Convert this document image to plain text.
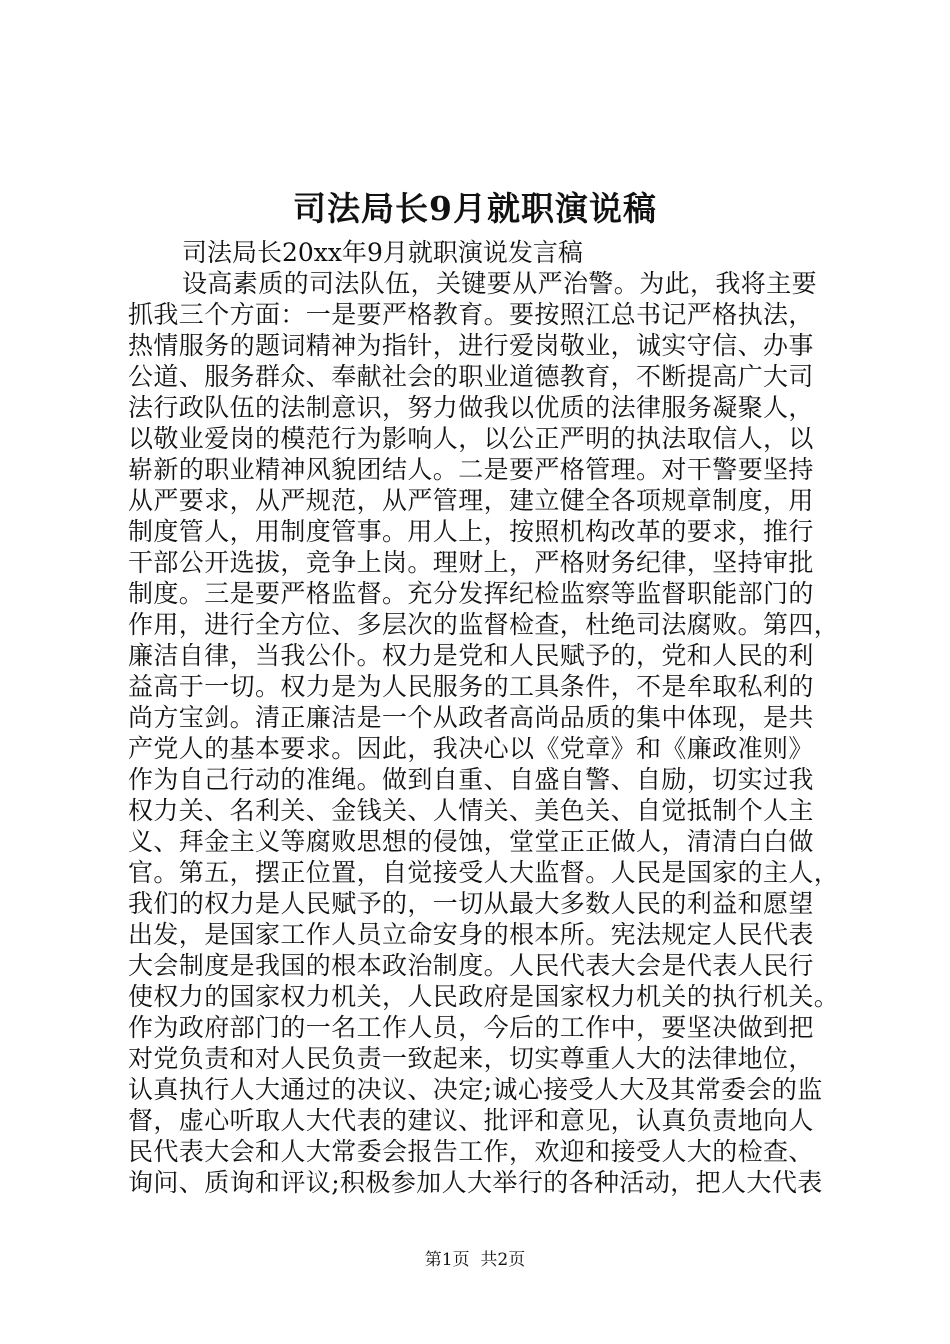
司法局长9月就职演说稿

司法局长20xx年9月就职演说发言稿

设高素质的司法队伍，关键要从严治警。为此，我将主要
抓我三个方面：一是要严格教育。要按照江总书记严格执法，
热情服务的题词精神为指针，进行爱岗敬业，诚实守信、办事
公道、服务群众、奉献社会的职业道德教育，不断提高广大司
法行政队伍的法制意识，努力做我以优质的法律服务凝聚人，
以敬业爱岗的模范行为影响人，以公正严明的执法取信人，以
崭新的职业精神风貌团结人。二是要严格管理。对干警要坚持
从严要求，从严规范，从严管理，建立健全各项规章制度，用
制度管人，用制度管事。用人上，按照机构改革的要求，推行
干部公开选拔，竞争上岗。理财上，严格财务纪律，坚持审批
制度。三是要严格监督。充分发挥纪检监察等监督职能部门的
作用，进行全方位、多层次的监督检查，杜绝司法腐败。第四，
廉洁自律，当我公仆。权力是党和人民赋予的，党和人民的利
益高于一切。权力是为人民服务的工具条件，不是牟取私利的
尚方宝剑。清正廉洁是一个从政者高尚品质的集中体现，是共
产党人的基本要求。因此，我决心以《党章》和《廉政准则》
作为自己行动的准绳。做到自重、自盛自警、自励，切实过我
权力关、名利关、金钱关、人情关、美色关、自觉抵制个人主
义、拜金主义等腐败思想的侵蚀，堂堂正正做人，清清白白做
官。第五，摆正位置，自觉接受人大监督。人民是国家的主人，
我们的权力是人民赋予的，一切从最大多数人民的利益和愿望
出发，是国家工作人员立命安身的根本所。宪法规定人民代表
大会制度是我国的根本政治制度。人民代表大会是代表人民行
使权力的国家权力机关，人民政府是国家权力机关的执行机关。
作为政府部门的一名工作人员，今后的工作中，要坚决做到把
对党负责和对人民负责一致起来，切实尊重人大的法律地位，
认真执行人大通过的决议、决定;诚心接受人大及其常委会的监
督，虚心听取人大代表的建议、批评和意见，认真负责地向人
民代表大会和人大常委会报告工作，欢迎和接受人大的检查、
询问、质询和评议;积极参加人大举行的各种活动，把人大代表
第1页  共2页
